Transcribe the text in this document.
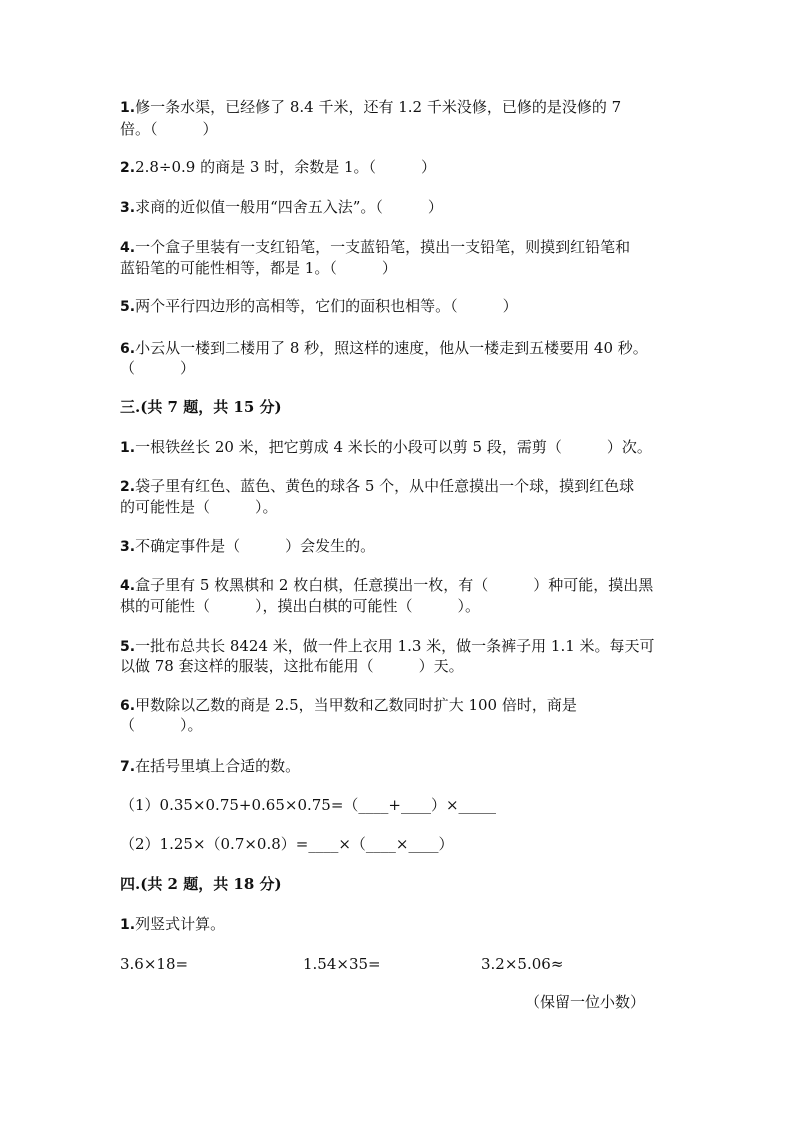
1.修一条水渠，已经修了 8.4 千米，还有 1.2 千米没修，已修的是没修的 7
倍。（　　　）
2.2.8÷0.9 的商是 3 时，余数是 1。（　　　）
3.求商的近似值一般用“四舍五入法”。（　　　）
4.一个盒子里装有一支红铅笔，一支蓝铅笔，摸出一支铅笔，则摸到红铅笔和
蓝铅笔的可能性相等，都是 1。（　　　）
5.两个平行四边形的高相等，它们的面积也相等。（　　　）
6.小云从一楼到二楼用了 8 秒，照这样的速度，他从一楼走到五楼要用 40 秒。
（　　　）
三.(共 7 题，共 15 分)
1.一根铁丝长 20 米，把它剪成 4 米长的小段可以剪 5 段，需剪（　　　）次。
2.袋子里有红色、蓝色、黄色的球各 5 个，从中任意摸出一个球，摸到红色球
的可能性是（　　　）。
3.不确定事件是（　　　）会发生的。
4.盒子里有 5 枚黑棋和 2 枚白棋，任意摸出一枚，有（　　　）种可能，摸出黑
棋的可能性（　　　），摸出白棋的可能性（　　　）。
5.一批布总共长 8424 米，做一件上衣用 1.3 米，做一条裤子用 1.1 米。每天可
以做 78 套这样的服装，这批布能用（　　　）天。
6.甲数除以乙数的商是 2.5，当甲数和乙数同时扩大 100 倍时，商是
（　　　）。
7.在括号里填上合适的数。
（1）0.35×0.75+0.65×0.75=（____+____）×_____
（2）1.25×（0.7×0.8）=____×（____×____）
四.(共 2 题，共 18 分)
1.列竖式计算。
3.6×18=	1.54×35=	3.2×5.06≈
（保留一位小数）
